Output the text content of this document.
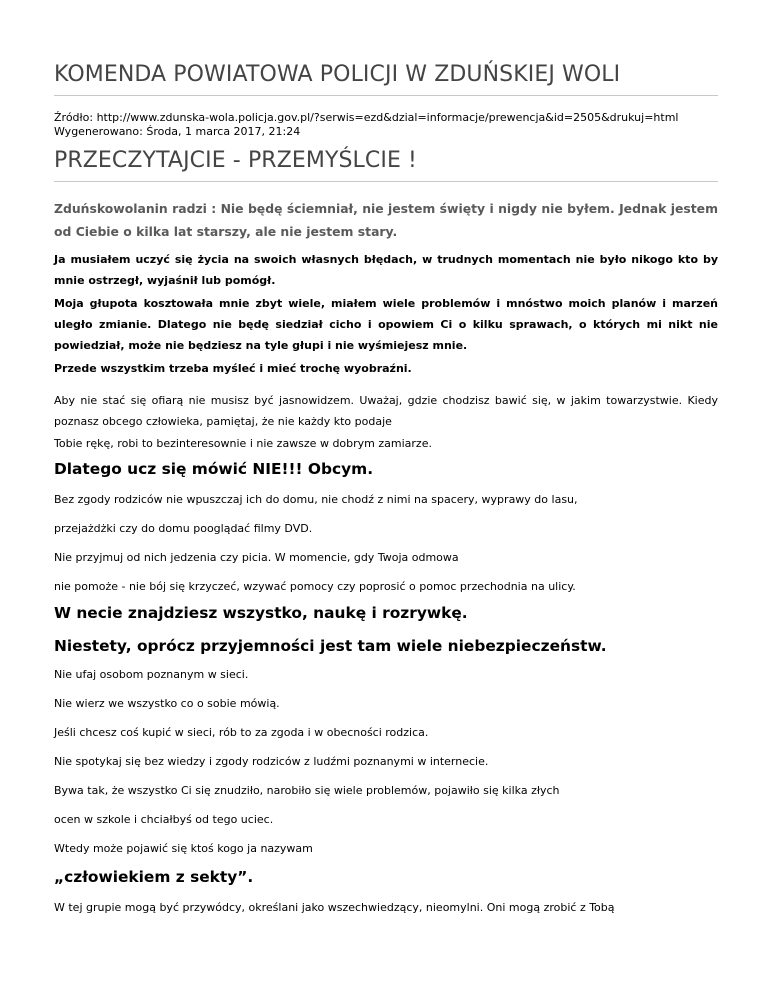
KOMENDA POWIATOWA POLICJI W ZDUŃSKIEJ WOLI
Źródło: http://www.zdunska-wola.policja.gov.pl/?serwis=ezd&dzial=informacje/prewencja&id=2505&drukuj=html
Wygenerowano: Środa, 1 marca 2017, 21:24
PRZECZYTAJCIE - PRZEMYŚLCIE !

Zduńskowolanin radzi : Nie będę ściemniał, nie jestem święty i nigdy nie byłem. Jednak jestem od Ciebie o kilka lat starszy, ale nie jestem stary.

Ja musiałem uczyć się życia na swoich własnych błędach, w trudnych momentach nie było nikogo kto by mnie ostrzegł, wyjaśnił lub pomógł.

Moja głupota kosztowała mnie zbyt wiele, miałem wiele problemów i mnóstwo moich planów i marzeń uległo zmianie. Dlatego nie będę siedział cicho i opowiem Ci o kilku sprawach, o których mi nikt nie powiedział, może nie będziesz na tyle głupi i nie wyśmiejesz mnie.

Przede wszystkim trzeba myśleć i mieć trochę wyobraźni.

Aby nie stać się ofiarą nie musisz być jasnowidzem. Uważaj, gdzie chodzisz bawić się, w jakim towarzystwie. Kiedy poznasz obcego człowieka, pamiętaj, że nie każdy kto podaje

Tobie rękę, robi to bezinteresownie i nie zawsze w dobrym zamiarze.

Dlatego ucz się mówić NIE!!! Obcym.

Bez zgody rodziców nie wpuszczaj ich do domu, nie chodź z nimi na spacery, wyprawy do lasu,

przejażdżki czy do domu pooglądać filmy DVD.

Nie przyjmuj od nich jedzenia czy picia. W momencie, gdy Twoja odmowa

nie pomoże - nie bój się krzyczeć, wzywać pomocy czy poprosić o pomoc przechodnia na ulicy.

W necie znajdziesz wszystko, naukę i rozrywkę.
Niestety, oprócz przyjemności jest tam wiele niebezpieczeństw.

Nie ufaj osobom poznanym w sieci.

Nie wierz we wszystko co o sobie mówią.

Jeśli chcesz coś kupić w sieci, rób to za zgoda i w obecności rodzica.

Nie spotykaj się bez wiedzy i zgody rodziców z ludźmi poznanymi w internecie.

Bywa tak, że wszystko Ci się znudziło, narobiło się wiele problemów, pojawiło się kilka złych

ocen w szkole i chciałbyś od tego uciec.

Wtedy może pojawić się ktoś kogo ja nazywam

„człowiekiem z sekty”.

W tej grupie mogą być przywódcy, określani jako wszechwiedzący, nieomylni. Oni mogą zrobić z Tobą
